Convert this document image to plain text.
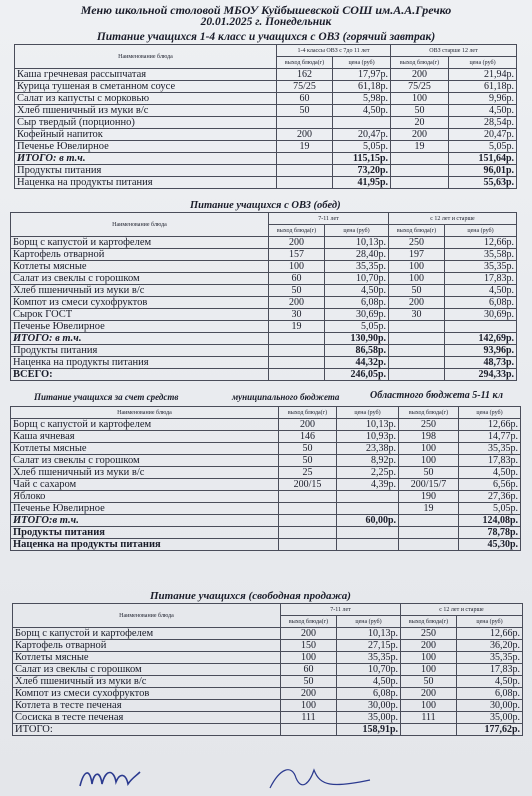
Меню школьной столовой МБОУ Куйбышевской СОШ им.А.А.Гречко
20.01.2025 г. Понедельник
Питание учащихся 1-4 класс и учащихся с ОВЗ (горячий завтрак)
Наименование блюда	1-4 классы ОВЗ с 7до 11 лет		ОВЗ старше 12 лет	
	выход блюда(г)	цена (руб)	выход блюда(г)	цена (руб)
Каша гречневая рассыпчатая	162	17,97р.	200	21,94р.
Курица тушеная в сметанном соусе	75/25	61,18р.	75/25	61,18р.
Салат из капусты с морковью	60	5,98р.	100	9,96р.
Хлеб пшеничный из муки в/с	50	4,50р.	50	4,50р.
Сыр твердый (порционно)			20	28,54р.
Кофейный напиток	200	20,47р.	200	20,47р.
Печенье Ювелирное	19	5,05р.	19	5,05р.
ИТОГО: в т.ч.		115,15р.		151,64р.
Продукты питания		73,20р.		96,01р.
Наценка на продукты питания		41,95р.		55,63р.
Питание учащихся с ОВЗ (обед)
Наименование блюда	7-11 лет		с 12 лет и старше	
	выход блюда(г)	цена (руб)	выход блюда(г)	цена (руб)
Борщ с капустой и картофелем	200	10,13р.	250	12,66р.
Картофель отварной	157	28,40р.	197	35,58р.
Котлеты мясные	100	35,35р.	100	35,35р.
Салат из свеклы с горошком	60	10,70р.	100	17,83р.
Хлеб пшеничный из муки в/с	50	4,50р.	50	4,50р.
Компот из смеси сухофруктов	200	6,08р.	200	6,08р.
Сырок ГОСТ	30	30,69р.	30	30,69р.
Печенье Ювелирное	19	5,05р.		
ИТОГО: в т.ч.		130,90р.		142,69р.
Продукты питания		86,58р.		93,96р.
Наценка на продукты питания		44,32р.		48,73р.
ВСЕГО:		246,05р.		294,33р.
Питание учащихся за счет средств	муниципального бюджета	Областного бюджета 5-11 кл
Наименование блюда	выход блюда(г)	цена (руб)	выход блюда(г)	цена (руб)
Борщ с капустой и картофелем	200	10,13р.	250	12,66р.
Каша ячневая	146	10,93р.	198	14,77р.
Котлеты мясные	50	23,38р.	100	35,35р.
Салат из свеклы с горошком	50	8,92р.	100	17,83р.
Хлеб пшеничный из муки в/с	25	2,25р.	50	4,50р.
Чай с сахаром	200/15	4,39р.	200/15/7	6,56р.
Яблоко			190	27,36р.
Печенье Ювелирное			19	5,05р.
ИТОГО:в т.ч.		60,00р.		124,08р.
Продукты питания				78,78р.
Наценка на продукты питания				45,30р.
Питание учащихся (свободная продажа)
Наименование блюда	7-11 лет		с 12 лет и старше	
	выход блюда(г)	цена (руб)	выход блюда(г)	цена (руб)
Борщ с капустой и картофелем	200	10,13р.	250	12,66р.
Картофель отварной	150	27,15р.	200	36,20р.
Котлеты мясные	100	35,35р.	100	35,35р.
Салат из свеклы с горошком	60	10,70р.	100	17,83р.
Хлеб пшеничный из муки в/с	50	4,50р.	50	4,50р.
Компот из смеси сухофруктов	200	6,08р.	200	6,08р.
Котлета в тесте печеная	100	30,00р.	100	30,00р.
Сосиска в тесте печеная	111	35,00р.	111	35,00р.
ИТОГО:		158,91р.		177,62р.
